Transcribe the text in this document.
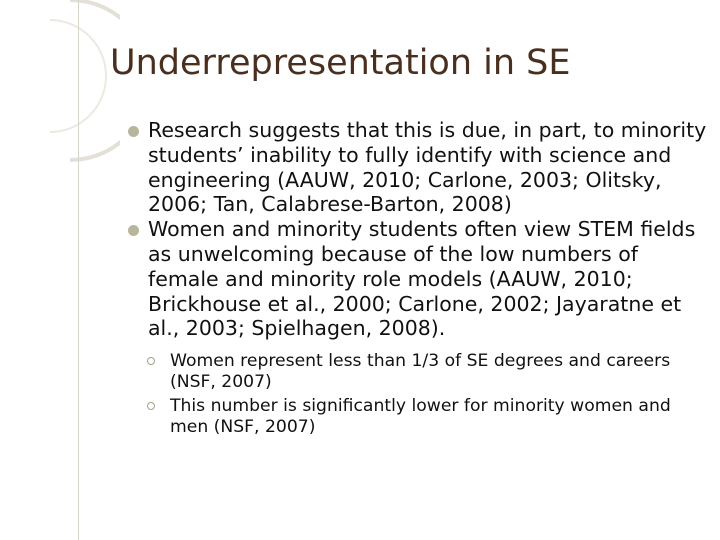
Underrepresentation in SE
Research suggests that this is due, in part, to minority students’ inability to fully identify with science and engineering (AAUW, 2010; Carlone, 2003; Olitsky, 2006; Tan, Calabrese-Barton, 2008)
Women and minority students often view STEM fields as unwelcoming because of the low numbers of female and minority role models (AAUW, 2010; Brickhouse et al., 2000; Carlone, 2002; Jayaratne et al., 2003; Spielhagen, 2008).
Women represent less than 1/3 of SE degrees and careers (NSF, 2007)
This number is significantly lower for minority women and men (NSF, 2007)
